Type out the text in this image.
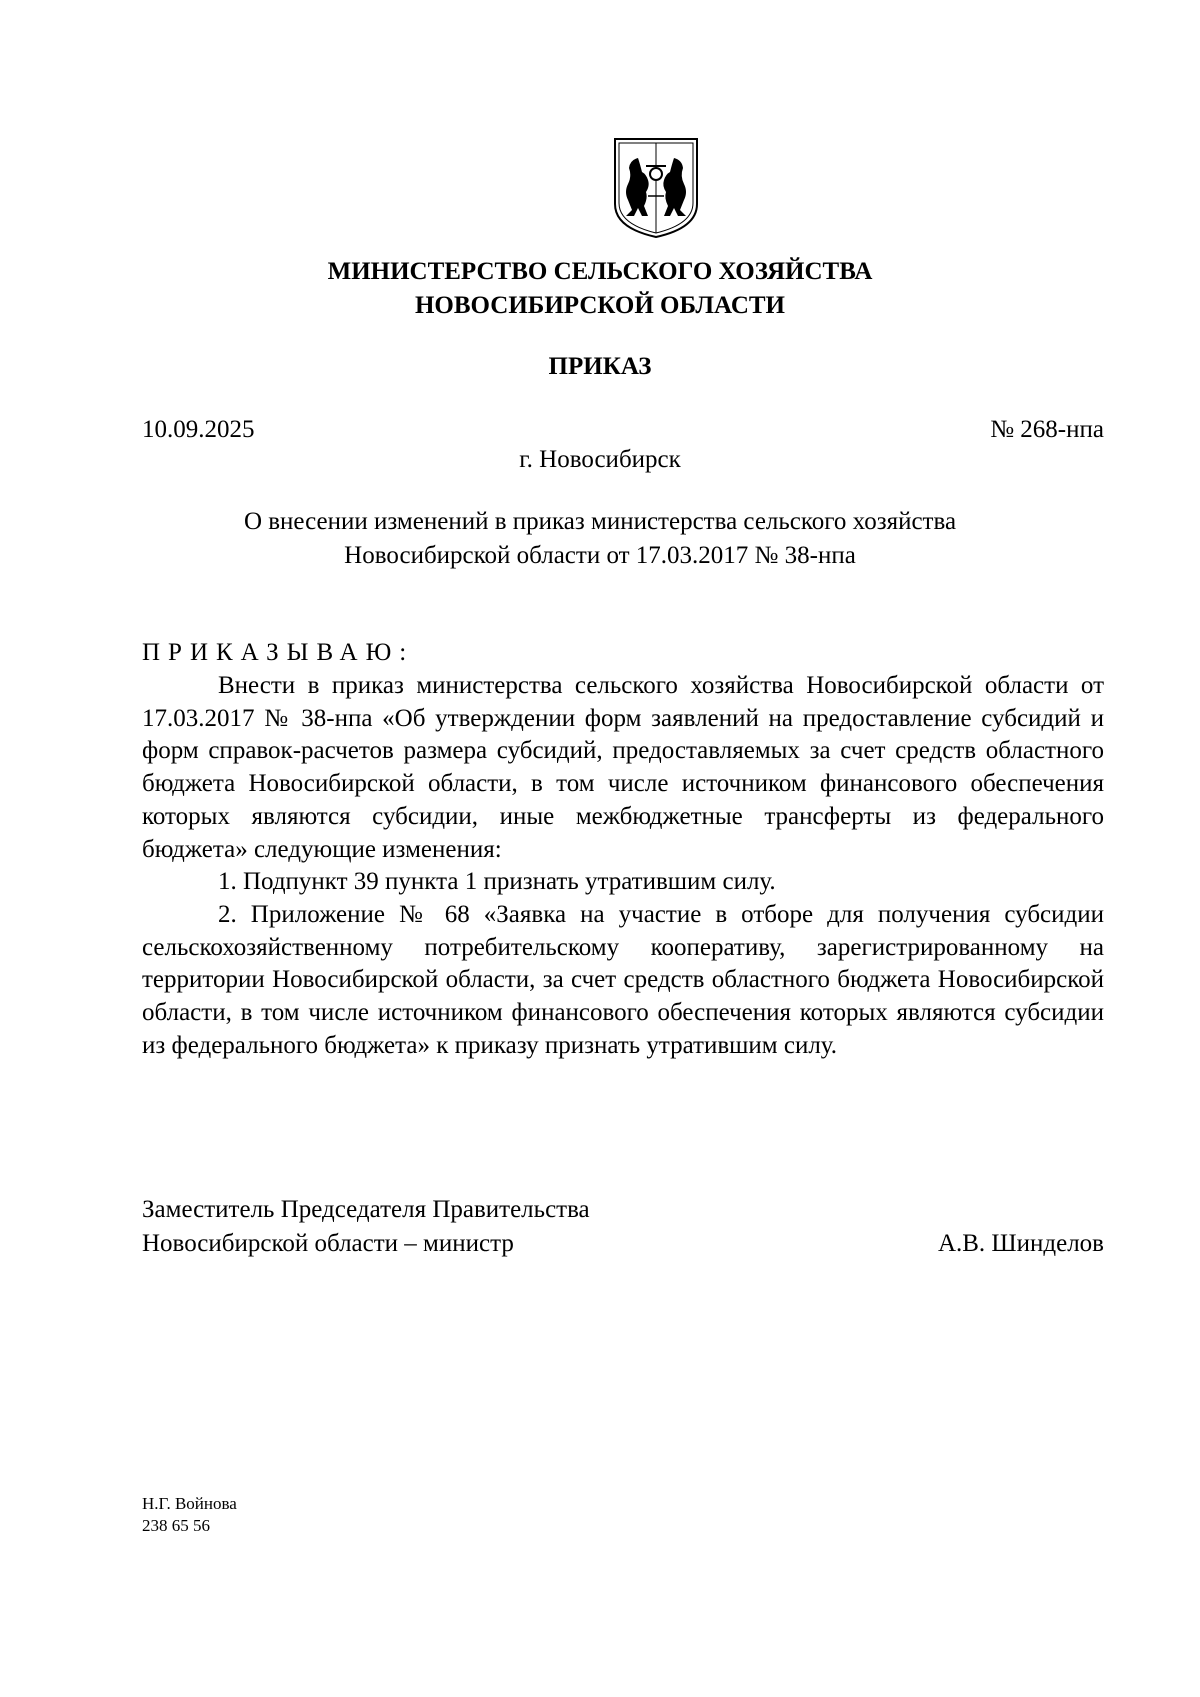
МИНИСТЕРСТВО СЕЛЬСКОГО ХОЗЯЙСТВА
НОВОСИБИРСКОЙ ОБЛАСТИ
ПРИКАЗ
10.09.2025	№ 268-нпа
г. Новосибирск
О внесении изменений в приказ министерства сельского хозяйства
Новосибирской области от 17.03.2017 № 38-нпа
ПРИКАЗЫВАЮ:

Внести в приказ министерства сельского хозяйства Новосибирской области от 17.03.2017 № 38-нпа «Об утверждении форм заявлений на предоставление субсидий и форм справок-расчетов размера субсидий, предоставляемых за счет средств областного бюджета Новосибирской области, в том числе источником финансового обеспечения которых являются субсидии, иные межбюджетные трансферты из федерального бюджета» следующие изменения:

1. Подпункт 39 пункта 1 признать утратившим силу.

2. Приложение № 68 «Заявка на участие в отборе для получения субсидии сельскохозяйственному потребительскому кооперативу, зарегистрированному на территории Новосибирской области, за счет средств областного бюджета Новосибирской области, в том числе источником финансового обеспечения которых являются субсидии из федерального бюджета» к приказу признать утратившим силу.

Заместитель Председателя Правительства
Новосибирской области – министр	А.В. Шинделов
Н.Г. Войнова
238 65 56
